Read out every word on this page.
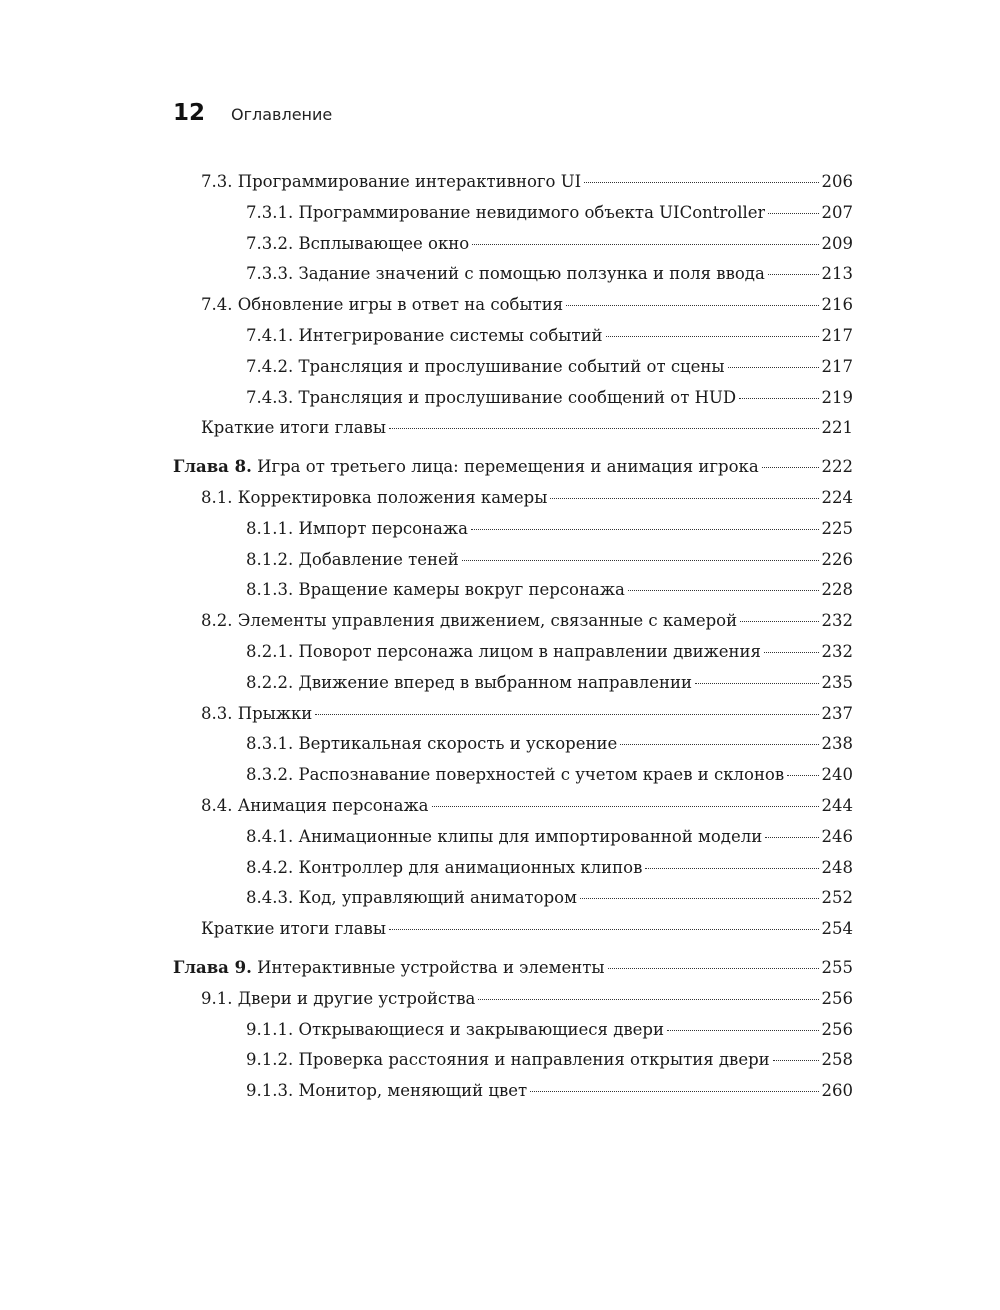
12 Оглавление
7.3. Программирование интерактивного UI	206
7.3.1. Программирование невидимого объекта UIController	207
7.3.2. Всплывающее окно	209
7.3.3. Задание значений с помощью ползунка и поля ввода	213
7.4. Обновление игры в ответ на события	216
7.4.1. Интегрирование системы событий	217
7.4.2. Трансляция и прослушивание событий от сцены	217
7.4.3. Трансляция и прослушивание сообщений от HUD	219
Краткие итоги главы	221
Глава 8. Игра от третьего лица: перемещения и анимация игрока	222
8.1. Корректировка положения камеры	224
8.1.1. Импорт персонажа	225
8.1.2. Добавление теней	226
8.1.3. Вращение камеры вокруг персонажа	228
8.2. Элементы управления движением, связанные с камерой	232
8.2.1. Поворот персонажа лицом в направлении движения	232
8.2.2. Движение вперед в выбранном направлении	235
8.3. Прыжки	237
8.3.1. Вертикальная скорость и ускорение	238
8.3.2. Распознавание поверхностей с учетом краев и склонов 240
8.4. Анимация персонажа	244
8.4.1. Анимационные клипы для импортированной модели	246
8.4.2. Контроллер для анимационных клипов	248
8.4.3. Код, управляющий аниматором	252
Краткие итоги главы	254
Глава 9. Интерактивные устройства и элементы	255
9.1. Двери и другие устройства	256
9.1.1. Открывающиеся и закрывающиеся двери	256
9.1.2. Проверка расстояния и направления открытия двери	258
9.1.3. Монитор, меняющий цвет	260
